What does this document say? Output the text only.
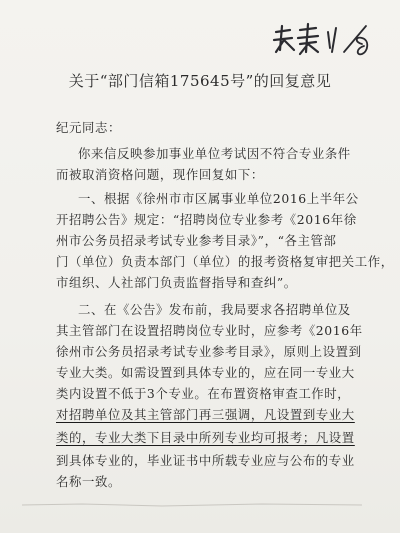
关于“部门信箱175645号”的回复意见
纪元同志：
你来信反映参加事业单位考试因不符合专业条件
而被取消资格问题，现作回复如下：
一、根据《徐州市市区属事业单位2016上半年公
开招聘公告》规定：“招聘岗位专业参考《2016年徐
州市公务员招录考试专业参考目录》”，“各主管部
门（单位）负责本部门（单位）的报考资格复审把关工作，
市组织、人社部门负责监督指导和查纠”。
二、在《公告》发布前，我局要求各招聘单位及
其主管部门在设置招聘岗位专业时，应参考《2016年
徐州市公务员招录考试专业参考目录》，原则上设置到
专业大类。如需设置到具体专业的，应在同一专业大
类内设置不低于3个专业。在布置资格审查工作时，
对招聘单位及其主管部门再三强调，凡设置到专业大
类的，专业大类下目录中所列专业均可报考；凡设置
到具体专业的，毕业证书中所载专业应与公布的专业
名称一致。
